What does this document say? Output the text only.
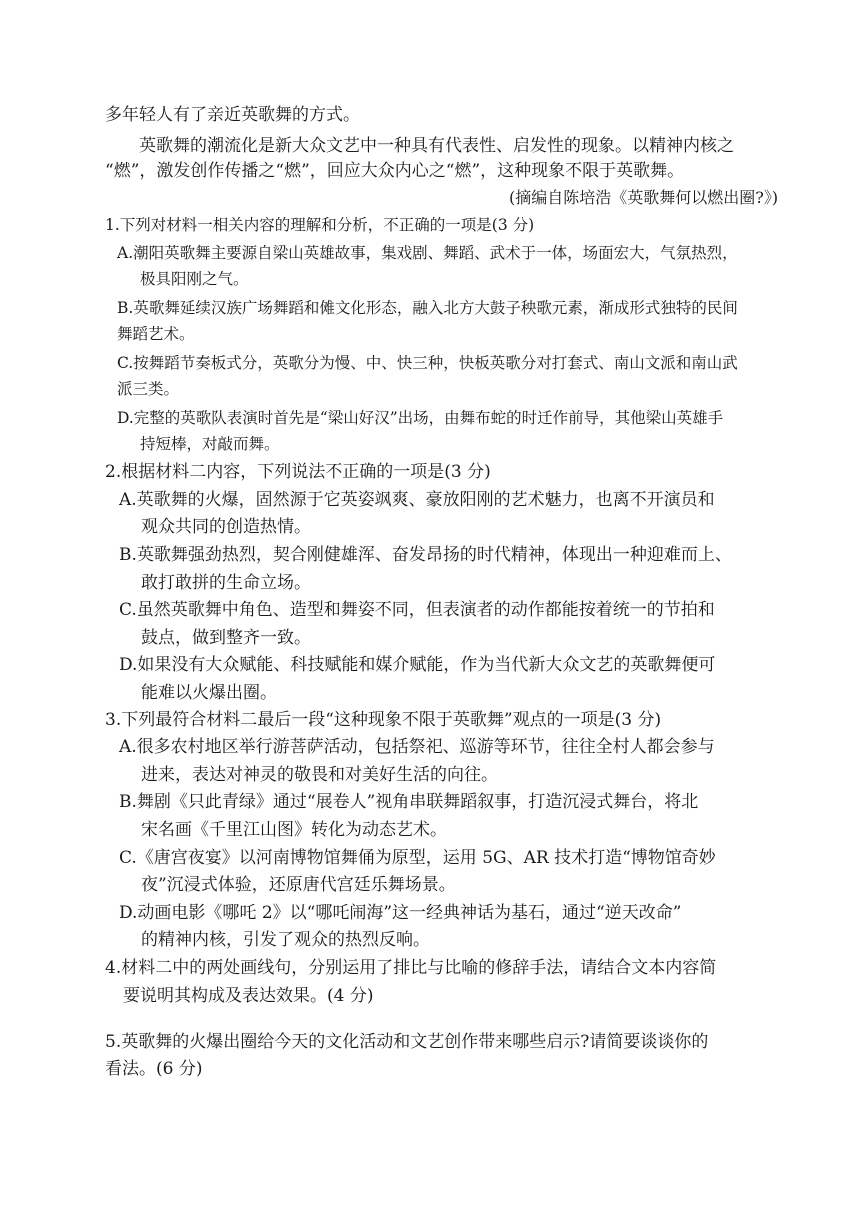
多年轻人有了亲近英歌舞的方式。
英歌舞的潮流化是新大众文艺中一种具有代表性、启发性的现象。以精神内核之
“燃”，激发创作传播之“燃”，回应大众内心之“燃”，这种现象不限于英歌舞。
(摘编自陈培浩《英歌舞何以燃出圈?》)
1.下列对材料一相关内容的理解和分析，不正确的一项是(3 分)
A.潮阳英歌舞主要源自梁山英雄故事，集戏剧、舞蹈、武术于一体，场面宏大，气氛热烈，
极具阳刚之气。
B.英歌舞延续汉族广场舞蹈和傩文化形态，融入北方大鼓子秧歌元素，渐成形式独特的民间
舞蹈艺术。
C.按舞蹈节奏板式分，英歌分为慢、中、快三种，快板英歌分对打套式、南山文派和南山武
派三类。
D.完整的英歌队表演时首先是“梁山好汉”出场，由舞布蛇的时迁作前导，其他梁山英雄手
持短棒，对敲而舞。
2.根据材料二内容，下列说法不正确的一项是(3 分)
A.英歌舞的火爆，固然源于它英姿飒爽、豪放阳刚的艺术魅力，也离不开演员和
观众共同的创造热情。
B.英歌舞强劲热烈，契合刚健雄浑、奋发昂扬的时代精神，体现出一种迎难而上、
敢打敢拼的生命立场。
C.虽然英歌舞中角色、造型和舞姿不同，但表演者的动作都能按着统一的节拍和
鼓点，做到整齐一致。
D.如果没有大众赋能、科技赋能和媒介赋能，作为当代新大众文艺的英歌舞便可
能难以火爆出圈。
3.下列最符合材料二最后一段“这种现象不限于英歌舞”观点的一项是(3 分)
A.很多农村地区举行游菩萨活动，包括祭祀、巡游等环节，往往全村人都会参与
进来，表达对神灵的敬畏和对美好生活的向往。
B.舞剧《只此青绿》通过“展卷人”视角串联舞蹈叙事，打造沉浸式舞台，将北
宋名画《千里江山图》转化为动态艺术。
C.《唐宫夜宴》以河南博物馆舞俑为原型，运用 5G、AR 技术打造“博物馆奇妙
夜”沉浸式体验，还原唐代宫廷乐舞场景。
D.动画电影《哪吒 2》以“哪吒闹海”这一经典神话为基石，通过“逆天改命”
的精神内核，引发了观众的热烈反响。
4.材料二中的两处画线句，分别运用了排比与比喻的修辞手法，请结合文本内容简
要说明其构成及表达效果。(4 分)
5.英歌舞的火爆出圈给今天的文化活动和文艺创作带来哪些启示?请简要谈谈你的
看法。(6 分)
